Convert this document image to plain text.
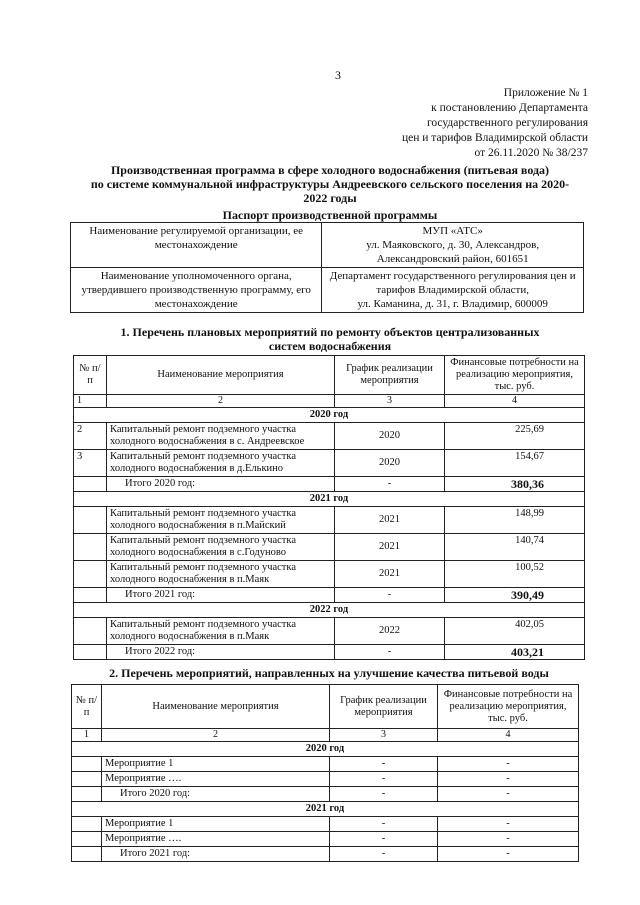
3
Приложение № 1
к постановлению Департамента
государственного регулирования
цен и тарифов Владимирской области
от 26.11.2020 № 38/237
Производственная программа в сфере холодного водоснабжения (питьевая вода)
по системе коммунальной инфраструктуры Андреевского сельского поселения на 2020-
2022 годы
Паспорт производственной программы
Наименование регулируемой организации, ее местонахождение	МУП «АТС»
ул. Маяковского, д. 30, Александров,
Александровский район, 601651

Наименование уполномоченного органа, утвердившего производственную программу, его местонахождение	Департамент государственного регулирования цен и тарифов Владимирской области,
ул. Каманина, д. 31, г. Владимир, 600009
1. Перечень плановых мероприятий по ремонту объектов централизованных
систем водоснабжения
№ п/п	Наименование мероприятия	График реализации мероприятия	Финансовые потребности на реализацию мероприятия, тыс. руб.
1	2	3	4
2020 год			
2	Капитальный ремонт подземного участка холодного водоснабжения в с. Андреевское	2020	225,69
3	Капитальный ремонт подземного участка холодного водоснабжения в д.Елькино	2020	154,67
	Итого 2020 год:	-	380,36
2021 год			
	Капитальный ремонт подземного участка холодного водоснабжения в п.Майский	2021	148,99
	Капитальный ремонт подземного участка холодного водоснабжения в с.Годуново	2021	140,74
	Капитальный ремонт подземного участка холодного водоснабжения в п.Маяк	2021	100,52
	Итого 2021 год:	-	390,49
2022 год			
	Капитальный ремонт подземного участка холодного водоснабжения в п.Маяк	2022	402,05
	Итого 2022 год:	-	403,21
2. Перечень мероприятий, направленных на улучшение качества питьевой воды
№ п/п	Наименование мероприятия	График реализации мероприятия	Финансовые потребности на реализацию мероприятия, тыс. руб.
1	2	3	4
2020 год			
	Мероприятие 1	-	-
	Мероприятие ….	-	-
	Итого 2020 год:	-	-
2021 год			
	Мероприятие 1	-	-
	Мероприятие ….	-	-
	Итого 2021 год:	-	-
